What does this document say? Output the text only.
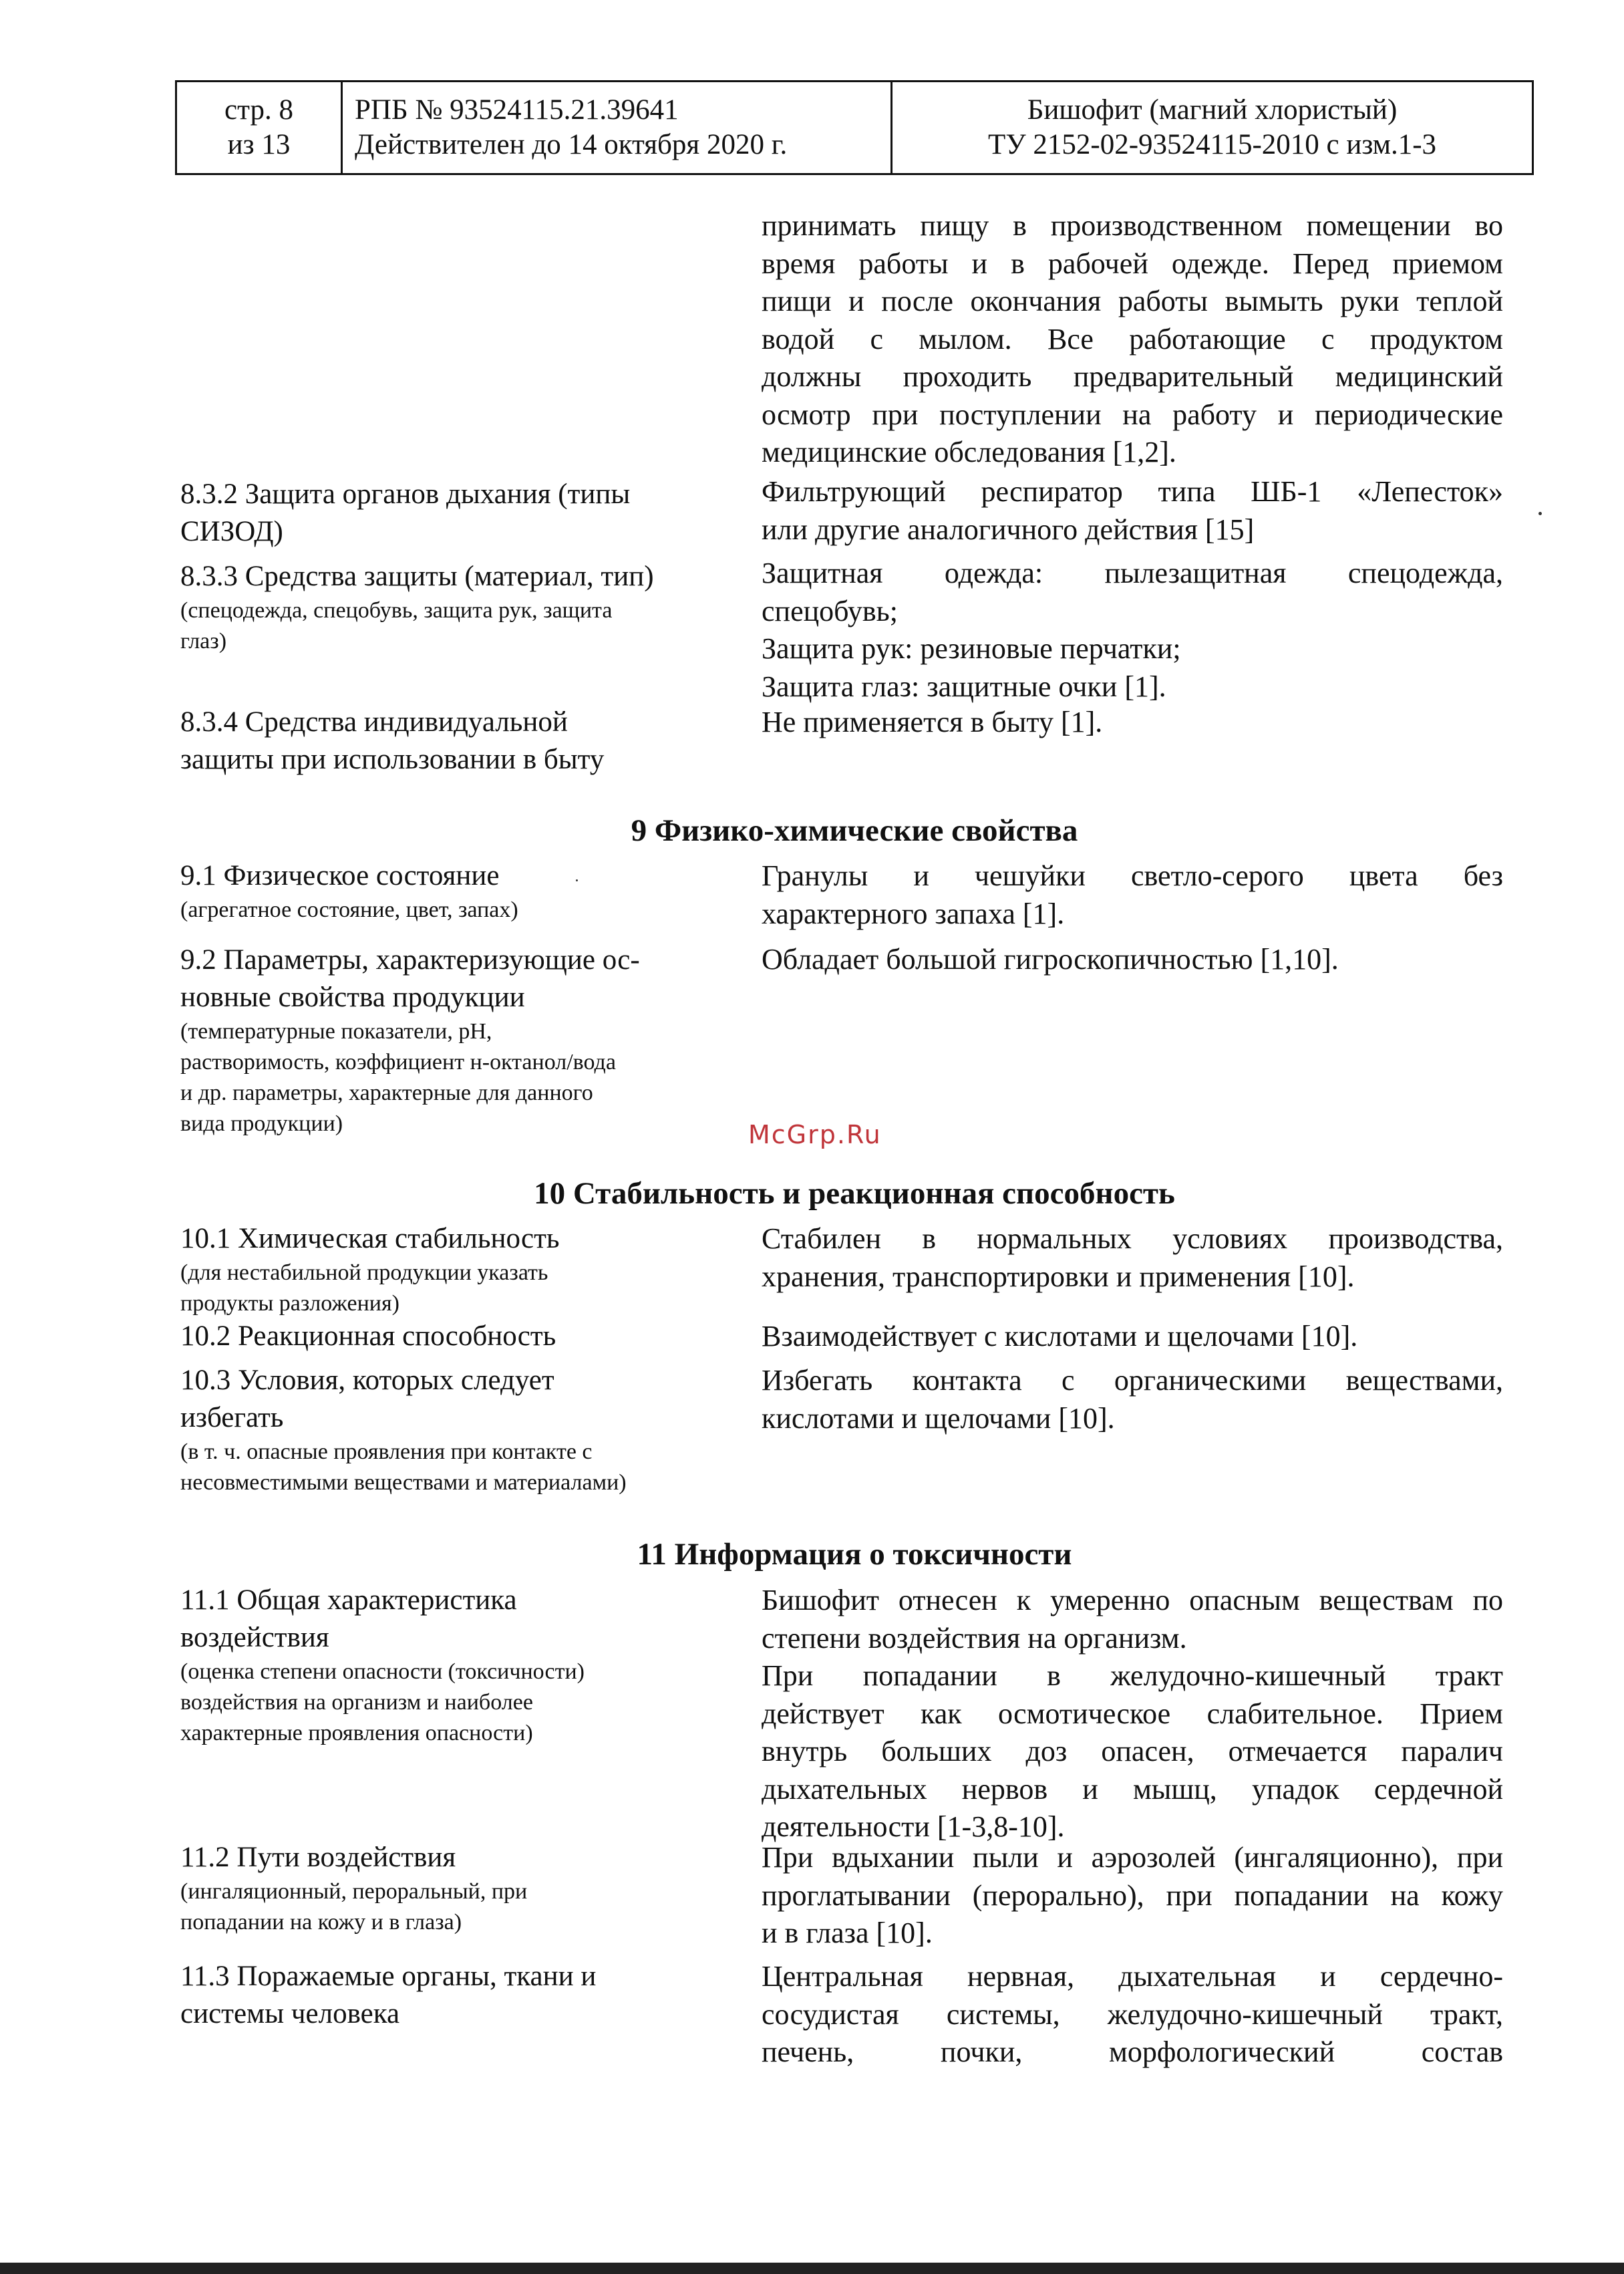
стр. 8
из 13
РПБ № 93524115.21.39641
Действителен до 14 октября 2020 г.
Бишофит (магний хлористый)
ТУ 2152-02-93524115-2010 с изм.1-3
принимать пищу в производственном помещении во
время работы и в рабочей одежде. Перед приемом
пищи и после окончания работы вымыть руки теплой
водой с мылом. Все работающие с продуктом
должны проходить предварительный медицинский
осмотр при поступлении на работу и периодические
медицинские обследования [1,2].
8.3.2 Защита органов дыхания (типы
СИЗОД)
Фильтрующий респиратор типа ШБ-1 «Лепесток»
или другие аналогичного действия [15]
8.3.3 Средства защиты (материал, тип)
(спецодежда, спецобувь, защита рук, защита
глаз)
Защитная одежда: пылезащитная спецодежда,
спецобувь;
Защита рук: резиновые перчатки;
Защита глаз: защитные очки [1].
8.3.4 Средства индивидуальной
защиты при использовании в быту
Не применяется в быту [1].
9 Физико-химические свойства
9.1 Физическое состояние
(агрегатное состояние, цвет, запах)
Гранулы и чешуйки светло-серого цвета без
характерного запаха [1].
9.2 Параметры, характеризующие ос-
новные свойства продукции
(температурные показатели, pH,
растворимость, коэффициент н-октанол/вода
и др. параметры, характерные для данного
вида продукции)
Обладает большой гигроскопичностью [1,10].
McGrp.Ru
10 Стабильность и реакционная способность
10.1 Химическая стабильность
(для нестабильной продукции указать
продукты разложения)
Стабилен в нормальных условиях производства,
хранения, транспортировки и применения [10].
10.2 Реакционная способность	Взаимодействует с кислотами и щелочами [10].
10.3 Условия, которых следует
избегать
(в т. ч. опасные проявления при контакте с
несовместимыми веществами и материалами)
Избегать контакта с органическими веществами,
кислотами и щелочами [10].
11 Информация о токсичности
11.1 Общая характеристика
воздействия
(оценка степени опасности (токсичности)
воздействия на организм и наиболее
характерные проявления опасности)
Бишофит отнесен к умеренно опасным веществам по
степени воздействия на организм.
При попадании в желудочно-кишечный тракт
действует как осмотическое слабительное. Прием
внутрь больших доз опасен, отмечается паралич
дыхательных нервов и мышц, упадок сердечной
деятельности [1-3,8-10].
11.2 Пути воздействия
(ингаляционный, пероральный, при
попадании на кожу и в глаза)
При вдыхании пыли и аэрозолей (ингаляционно), при
проглатывании (перорально), при попадании на кожу
и в глаза [10].
11.3 Поражаемые органы, ткани и
системы человека
Центральная нервная, дыхательная и сердечно-
сосудистая системы, желудочно-кишечный тракт,
печень, почки, морфологический состав
